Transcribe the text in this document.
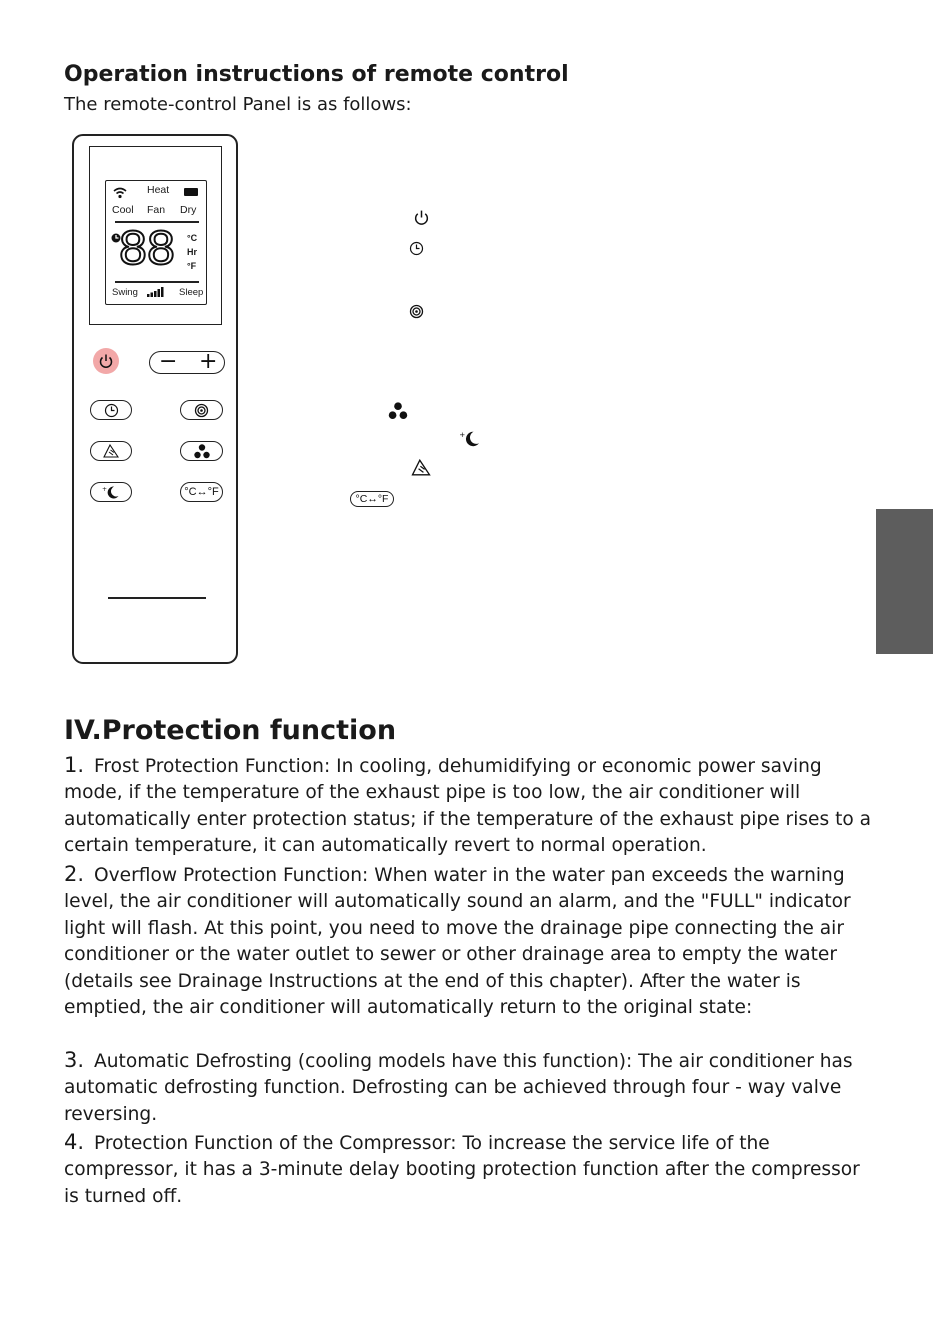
Operation instructions of remote control

The remote-control Panel is as follows:

Heat
Cool Fan Dry
88 °C
Hr
°F
Swing	Sleep
− +
+	°C↔°F
+
°C↔°F
IV.Protection function

1. Frost Protection Function: In cooling, dehumidifying or economic power saving mode, if the temperature of the exhaust pipe is too low, the air conditioner will automatically enter protection status; if the temperature of the exhaust pipe rises to a certain temperature, it can automatically revert to normal operation.

2. Overflow Protection Function: When water in the water pan exceeds the warning level, the air conditioner will automatically sound an alarm, and the "FULL" indicator light will flash. At this point, you need to move the drainage pipe connecting the air conditioner or the water outlet to sewer or other drainage area to empty the water (details see Drainage Instructions at the end of this chapter). After the water is emptied, the air conditioner will automatically return to the original state:

3. Automatic Defrosting (cooling models have this function): The air conditioner has automatic defrosting function. Defrosting can be achieved through four - way valve reversing.

4. Protection Function of the Compressor: To increase the service life of the compressor, it has a 3-minute delay booting protection function after the compressor is turned off.
